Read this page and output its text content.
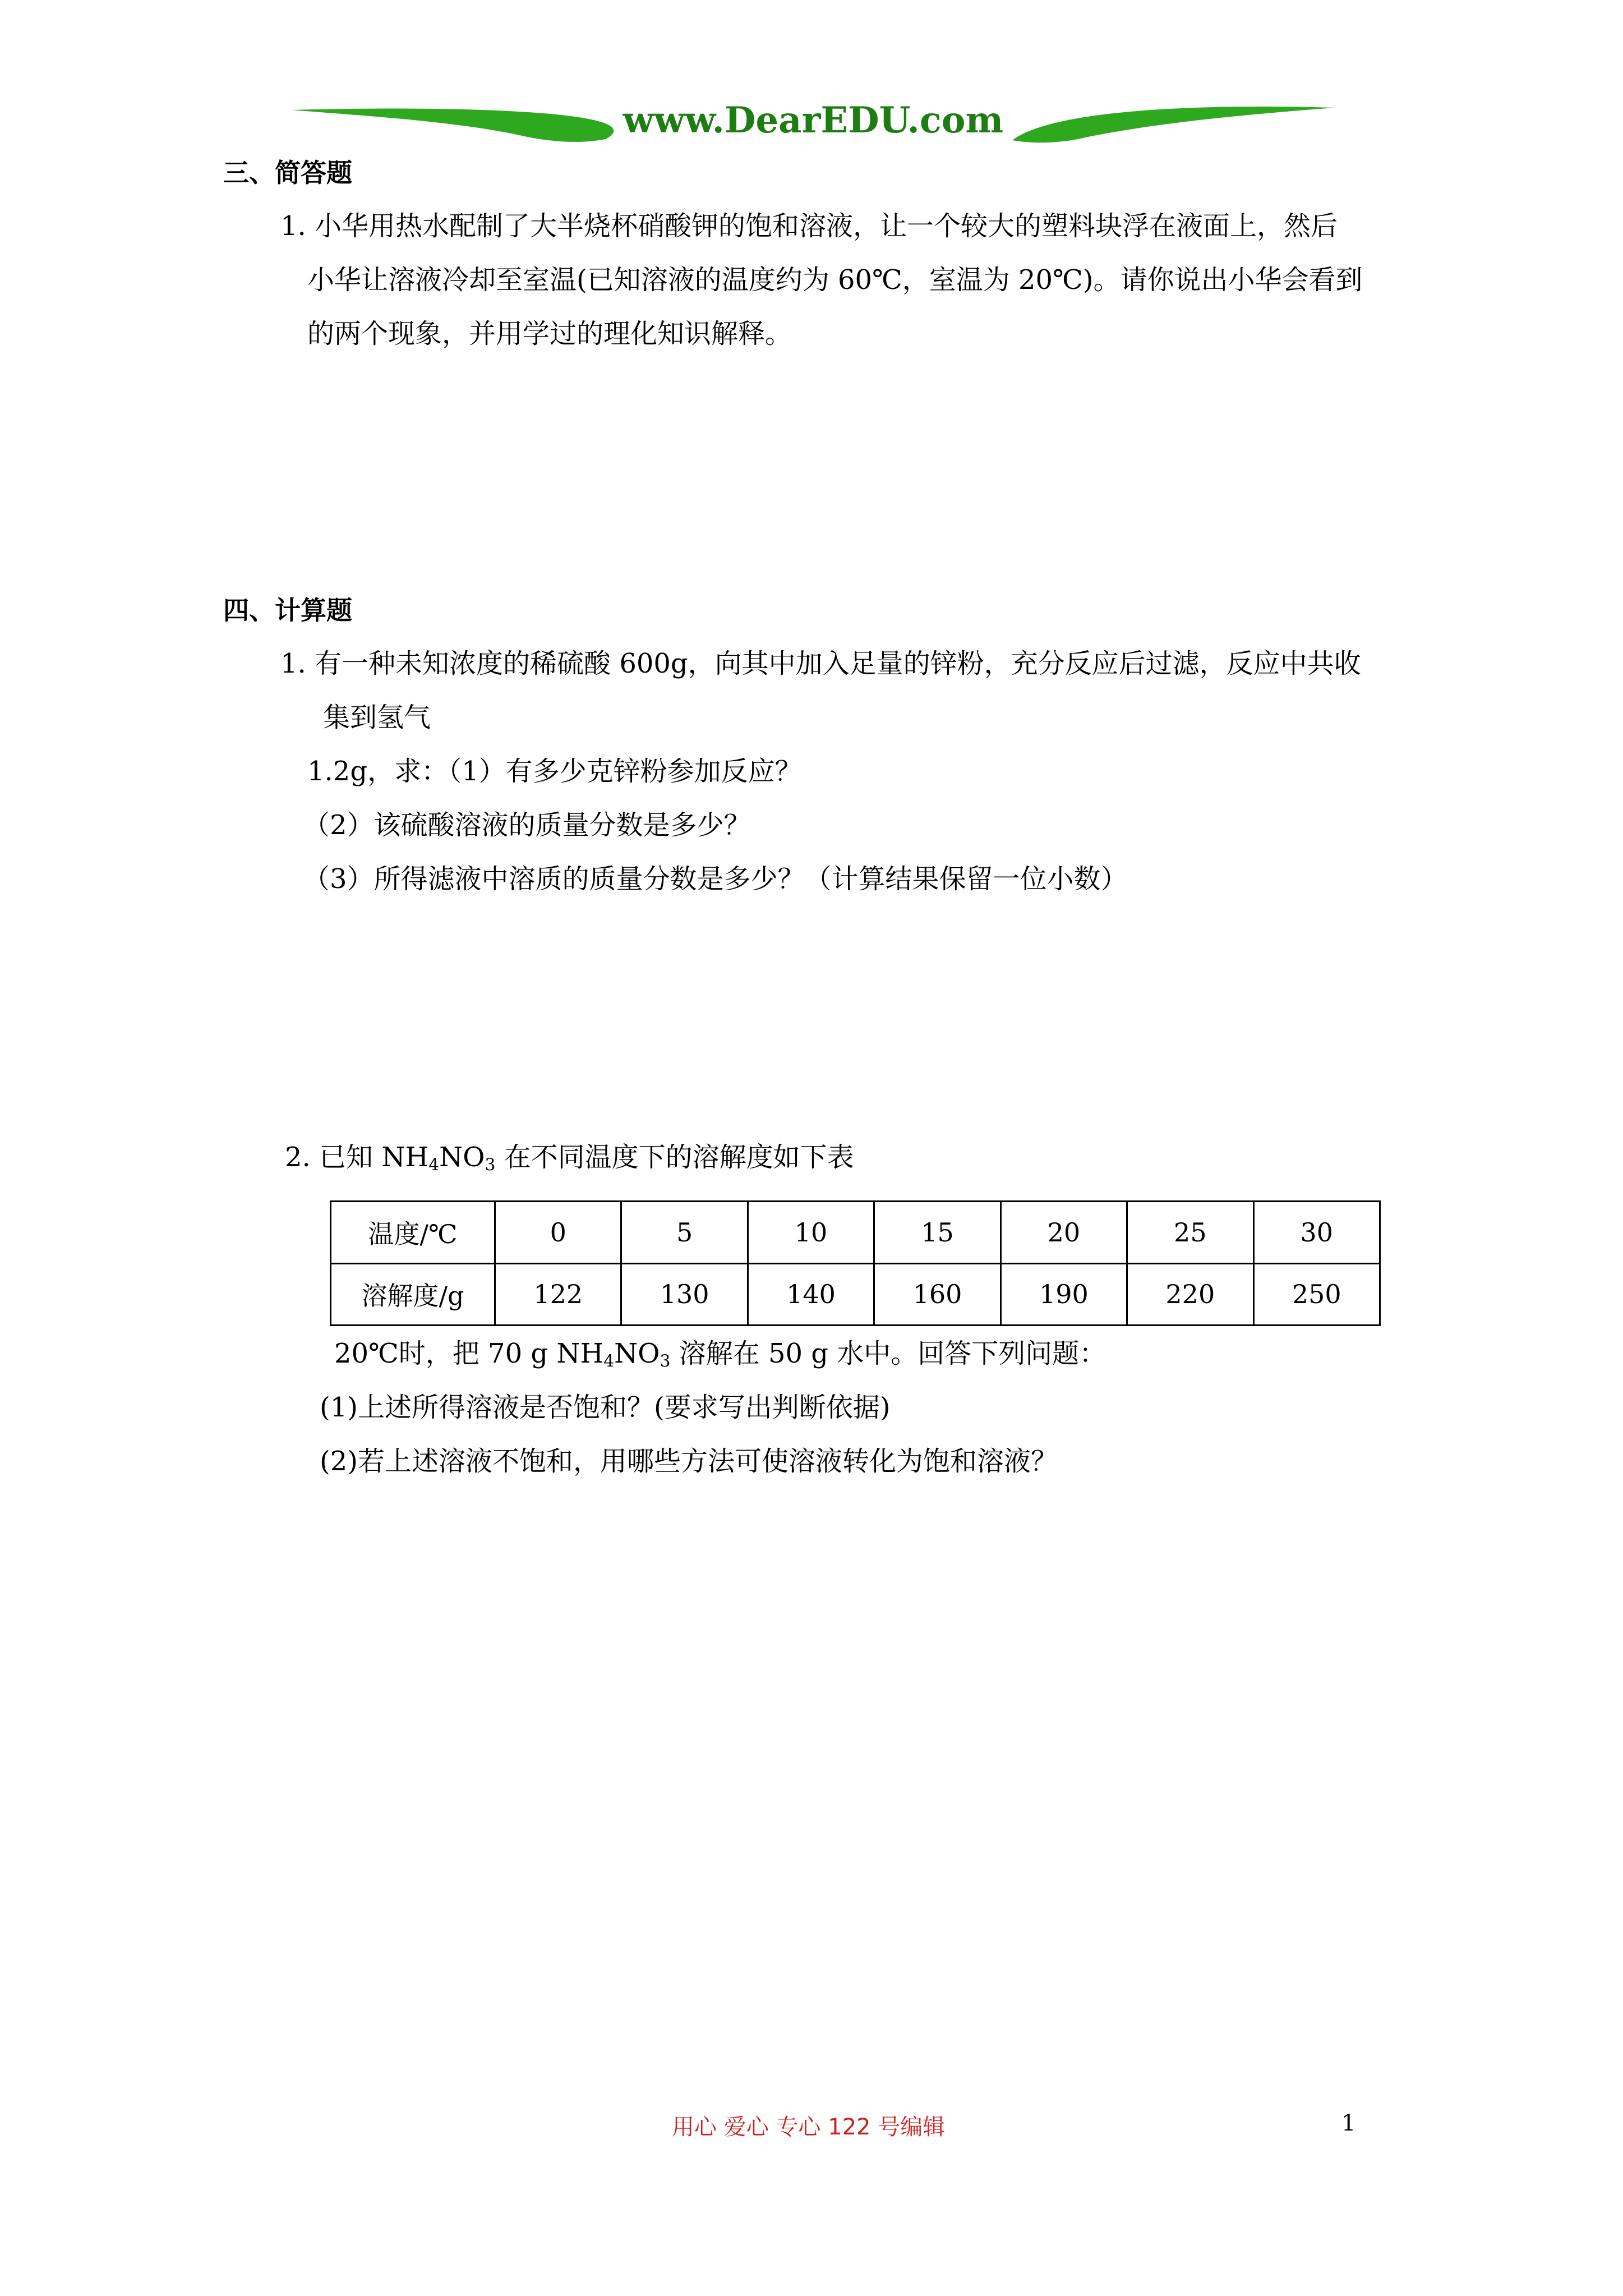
www.DearEDU.com
三、简答题
1. 小华用热水配制了大半烧杯硝酸钾的饱和溶液，让一个较大的塑料块浮在液面上，然后
小华让溶液冷却至室温(已知溶液的温度约为 60℃，室温为 20℃)。请你说出小华会看到
的两个现象，并用学过的理化知识解释。
四、计算题
1. 有一种未知浓度的稀硫酸 600g，向其中加入足量的锌粉，充分反应后过滤，反应中共收
集到氢气
1.2g，求：（1）有多少克锌粉参加反应？
（2）该硫酸溶液的质量分数是多少？
（3）所得滤液中溶质的质量分数是多少？（计算结果保留一位小数）
2. 已知 $NH_4NO_3$ 在不同温度下的溶解度如下表
温度/℃	0	5	10	15	20	25	30
溶解度/g	122	130	140	160	190	220	250
20℃时，把 70 g $NH_4NO_3$ 溶解在 50 g 水中。回答下列问题：
(1)上述所得溶液是否饱和？(要求写出判断依据)
(2)若上述溶液不饱和，用哪些方法可使溶液转化为饱和溶液？
用心 爱心 专心 122 号编辑	1
